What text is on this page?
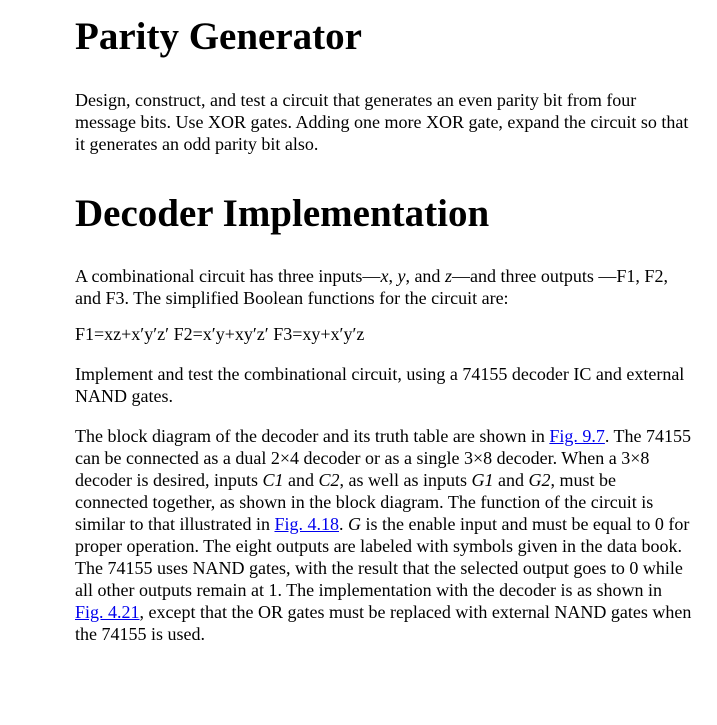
Parity Generator

Design, construct, and test a circuit that generates an even parity bit from four message bits. Use XOR gates. Adding one more XOR gate, expand the circuit so that it generates an odd parity bit also.

Decoder Implementation

A combinational circuit has three inputs—x, y, and z—and three outputs —F1, F2, and F3. The simplified Boolean functions for the circuit are:

F1=xz+x′y′z′ F2=x′y+xy′z′ F3=xy+x′y′z

Implement and test the combinational circuit, using a 74155 decoder IC and external NAND gates.

The block diagram of the decoder and its truth table are shown in Fig. 9.7. The 74155 can be connected as a dual 2×4 decoder or as a single 3×8 decoder. When a 3×8 decoder is desired, inputs C1 and C2, as well as inputs G1 and G2, must be connected together, as shown in the block diagram. The function of the circuit is similar to that illustrated in Fig. 4.18. G is the enable input and must be equal to 0 for proper operation. The eight outputs are labeled with symbols given in the data book. The 74155 uses NAND gates, with the result that the selected output goes to 0 while all other outputs remain at 1. The implementation with the decoder is as shown in Fig. 4.21, except that the OR gates must be replaced with external NAND gates when the 74155 is used.
